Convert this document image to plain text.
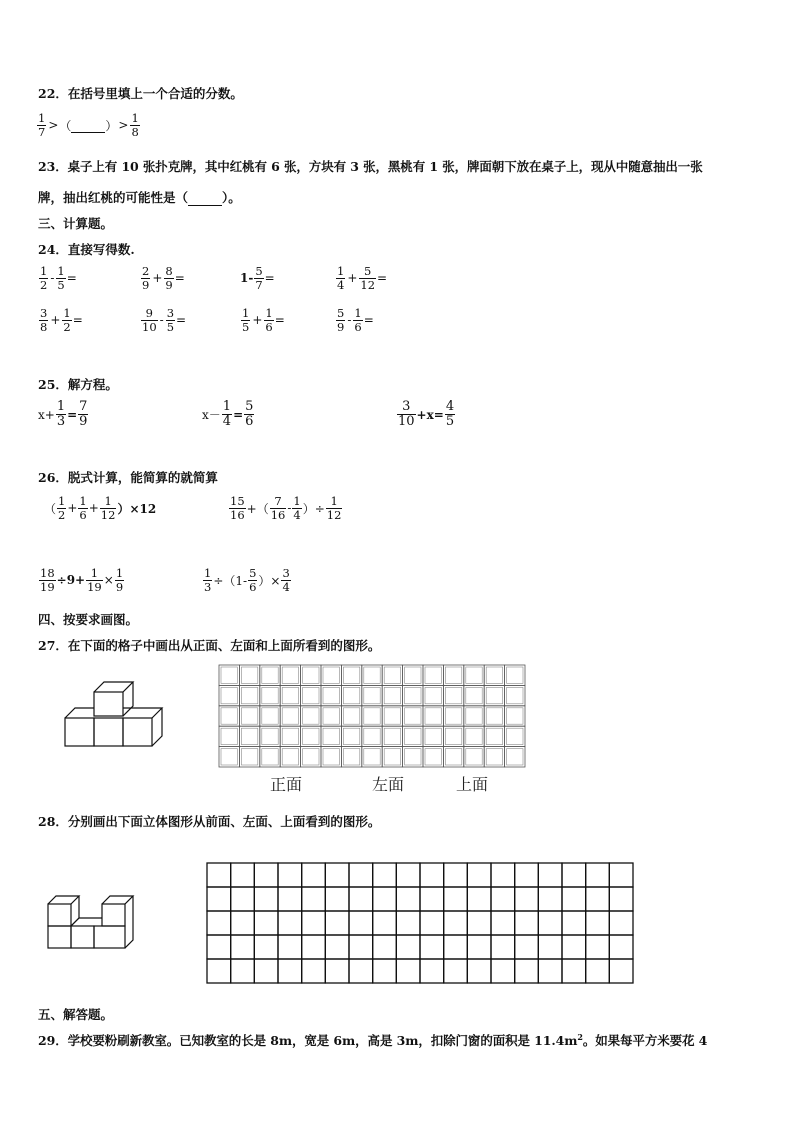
22．在括号里填上一个合适的分数。
$\frac{1}{7}$ > （	） > $\frac{1}{8}$
23．桌子上有 10 张扑克牌，其中红桃有 6 张，方块有 3 张，黑桃有 1 张，牌面朝下放在桌子上，现从中随意抽出一张
牌，抽出红桃的可能性是（	）。
三、计算题。
24．直接写得数.
$\frac{1}{2} - \frac{1}{5}$ =	$\frac{2}{9} + \frac{8}{9}$ =	$1- \frac{5}{7}$ =	$\frac{1}{4} + \frac{5}{12}$ =
$\frac{3}{8} + \frac{1}{2}$ =	$\frac{9}{10} - \frac{3}{5}$ =	$\frac{1}{5} + \frac{1}{6}$ =	$\frac{5}{9} - \frac{1}{6}$ =
25．解方程。
$x+ \frac{1}{3} = \frac{7}{9}$	$x- \frac{1}{4} = \frac{5}{6}$	$\frac{3}{10} +x= \frac{4}{5}$
26．脱式计算，能简算的就简算
（ $\frac{1}{2} + \frac{1}{6} + \frac{1}{12} )\times 12$	$\frac{15}{16}$ +（ $\frac{7}{16} - \frac{1}{4}$ ）÷ $\frac{1}{12}$
$\frac{18}{19} \div 9+ \frac{1}{19} \times \frac{1}{9}$	$\frac{1}{3} \div(1- \frac{5}{6}$ ）× $\frac{3}{4}$
四、按要求画图。
27．在下面的格子中画出从正面、左面和上面所看到的图形。
正面	左面	上面
28．分别画出下面立体图形从前面、左面、上面看到的图形。
五、解答题。
29．学校要粉刷新教室。已知教室的长是 8m，宽是 6m，高是 3m，扣除门窗的面积是 $11.4m^2$。如果每平方米要花 4
